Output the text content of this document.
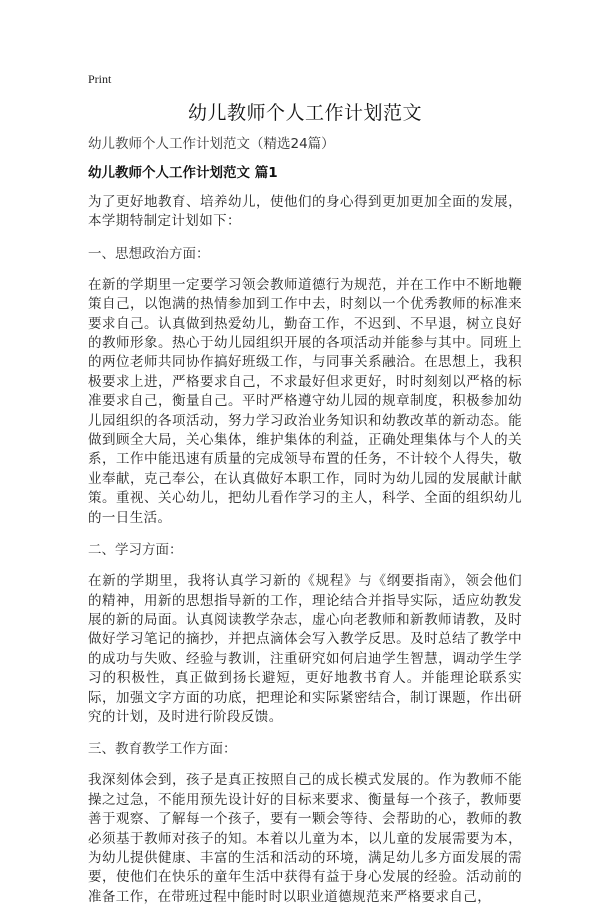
Print
幼儿教师个人工作计划范文
幼儿教师个人工作计划范文（精选24篇）
幼儿教师个人工作计划范文 篇1

为了更好地教育、培养幼儿，使他们的身心得到更加更加全面的发展，本学期特制定计划如下：

一、思想政治方面：

在新的学期里一定要学习领会教师道德行为规范，并在工作中不断地鞭策自己，以饱满的热情参加到工作中去，时刻以一个优秀教师的标准来要求自己。认真做到热爱幼儿，勤奋工作，不迟到、不早退，树立良好的教师形象。热心于幼儿园组织开展的各项活动并能参与其中。同班上的两位老师共同协作搞好班级工作，与同事关系融洽。在思想上，我积极要求上进，严格要求自己，不求最好但求更好，时时刻刻以严格的标准要求自己，衡量自己。平时严格遵守幼儿园的规章制度，积极参加幼儿园组织的各项活动，努力学习政治业务知识和幼教改革的新动态。能做到顾全大局，关心集体，维护集体的利益，正确处理集体与个人的关系，工作中能迅速有质量的完成领导布置的任务，不计较个人得失，敬业奉献，克己奉公，在认真做好本职工作，同时为幼儿园的发展献计献策。重视、关心幼儿，把幼儿看作学习的主人，科学、全面的组织幼儿的一日生活。

二、学习方面：

在新的学期里，我将认真学习新的《规程》与《纲要指南》，领会他们的精神，用新的思想指导新的工作，理论结合并指导实际，适应幼教发展的新的局面。认真阅读教学杂志，虚心向老教师和新教师请教，及时做好学习笔记的摘抄，并把点滴体会写入教学反思。及时总结了教学中的成功与失败、经验与教训，注重研究如何启迪学生智慧，调动学生学习的积极性，真正做到扬长避短，更好地教书育人。并能理论联系实际，加强文字方面的功底，把理论和实际紧密结合，制订课题，作出研究的计划，及时进行阶段反馈。

三、教育教学工作方面：

我深刻体会到，孩子是真正按照自己的成长模式发展的。作为教师不能操之过急，不能用预先设计好的目标来要求、衡量每一个孩子，教师要善于观察、了解每一个孩子，要有一颗会等待、会帮助的心，教师的教必须基于教师对孩子的知。本着以儿童为本，以儿童的发展需要为本，为幼儿提供健康、丰富的生活和活动的环境，满足幼儿多方面发展的需要，使他们在快乐的童年生活中获得有益于身心发展的经验。活动前的准备工作，在带班过程中能时时以职业道德规范来严格要求自己，
